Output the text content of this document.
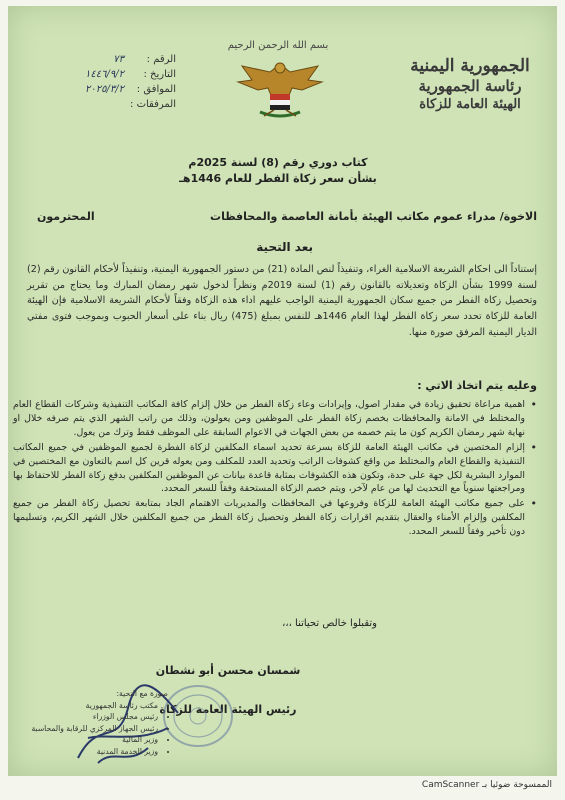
الجمهورية اليمنية
رئاسة الجمهورية
الهيئة العامة للزكاة
بسم الله الرحمن الرحيم
الرقم :
٧٣
التاريخ :
١٤٤٦/٩/٢
الموافق :
٢٠٢٥/٣/٢
المرفقات :
كتاب دوري رقم (8) لسنة 2025م
بشأن سعر زكاة الفطر للعام 1446هـ
الاخوة/ مدراء عموم مكاتب الهيئة بأمانة العاصمة والمحافظات
المحترمون
بعد التحية
إستناداً الى احكام الشريعة الاسلامية الغراء، وتنفيذاً لنص المادة (21) من دستور الجمهورية اليمنية، وتنفيذاً لأحكام القانون رقم (2) لسنة 1999 بشأن الزكاة وتعديلاته بالقانون رقم (1) لسنة 2019م ونظراً لدخول شهر رمضان المبارك وما يحتاج من تقرير وتحصيل زكاة الفطر من جميع سكان الجمهورية اليمنية الواجب عليهم اداء هذه الزكاة وفقاً لأحكام الشريعة الاسلامية فإن الهيئة العامة للزكاة تحدد سعر زكاة الفطر لهذا العام 1446هـ للنفس بمبلغ (475) ريال بناء على أسعار الحبوب وبموجب فتوى مفتي الديار اليمنية المرفق صورة منها.
وعليه يتم اتخاذ الاتي :
• اهمية مراعاة تحقيق زيادة في مقدار اصول، وإيرادات وعاء زكاة الفطر من خلال إلزام كافة المكاتب التنفيذية وشركات القطاع العام والمختلط في الامانة والمحافظات بخصم زكاة الفطر على الموظفين ومن يعولون، وذلك من راتب الشهر الذي يتم صرفه خلال او نهاية شهر رمضان الكريم كون ما يتم خصمه من بعض الجهات في الاعوام السابقة على الموظف فقط وترك من يعول.
• إلزام المختصين في مكاتب الهيئة العامة للزكاة بسرعة تحديد اسماء المكلفين لزكاة الفطرة لجميع الموظفين في جميع المكاتب التنفيذية والقطاع العام والمختلط من واقع كشوفات الراتب وتحديد العدد للمكلف ومن يعوله قرين كل اسم بالتعاون مع المختصين في الموارد البشرية لكل جهة على حدة، وتكون هذه الكشوفات بمثابة قاعدة بيانات عن الموظفين المكلفين بدفع زكاة الفطر للاحتفاظ بها ومراجعتها سنوياً مع التحديث لها من عام لآخر، ويتم خصم الزكاة المستحقة وفقاً للسعر المحدد.
• على جميع مكاتب الهيئة العامة للزكاة وفروعها في المحافظات والمديريات الاهتمام الجاد بمتابعة تحصيل زكاة الفطر من جميع المكلفين وإلزام الأمناء والعقال بتقديم اقرارات زكاة الفطر وتحصيل زكاة الفطر من جميع المكلفين خلال الشهر الكريم، وتسليمها دون تأخير وفقاً للسعر المحدد.
وتقبلوا خالص تحياتنا ،،،
شمسان محسن أبو نشطان
رئيس الهيئة العامة للزكاة
صورة مع التحية:
• مكتب رئاسة الجمهورية
• رئيس مجلس الوزراء
• رئيس الجهاز المركزي للرقابة والمحاسبة
• وزير المالية
• وزير الخدمة المدنية
الممسوحة ضوئيا بـ CamScanner
